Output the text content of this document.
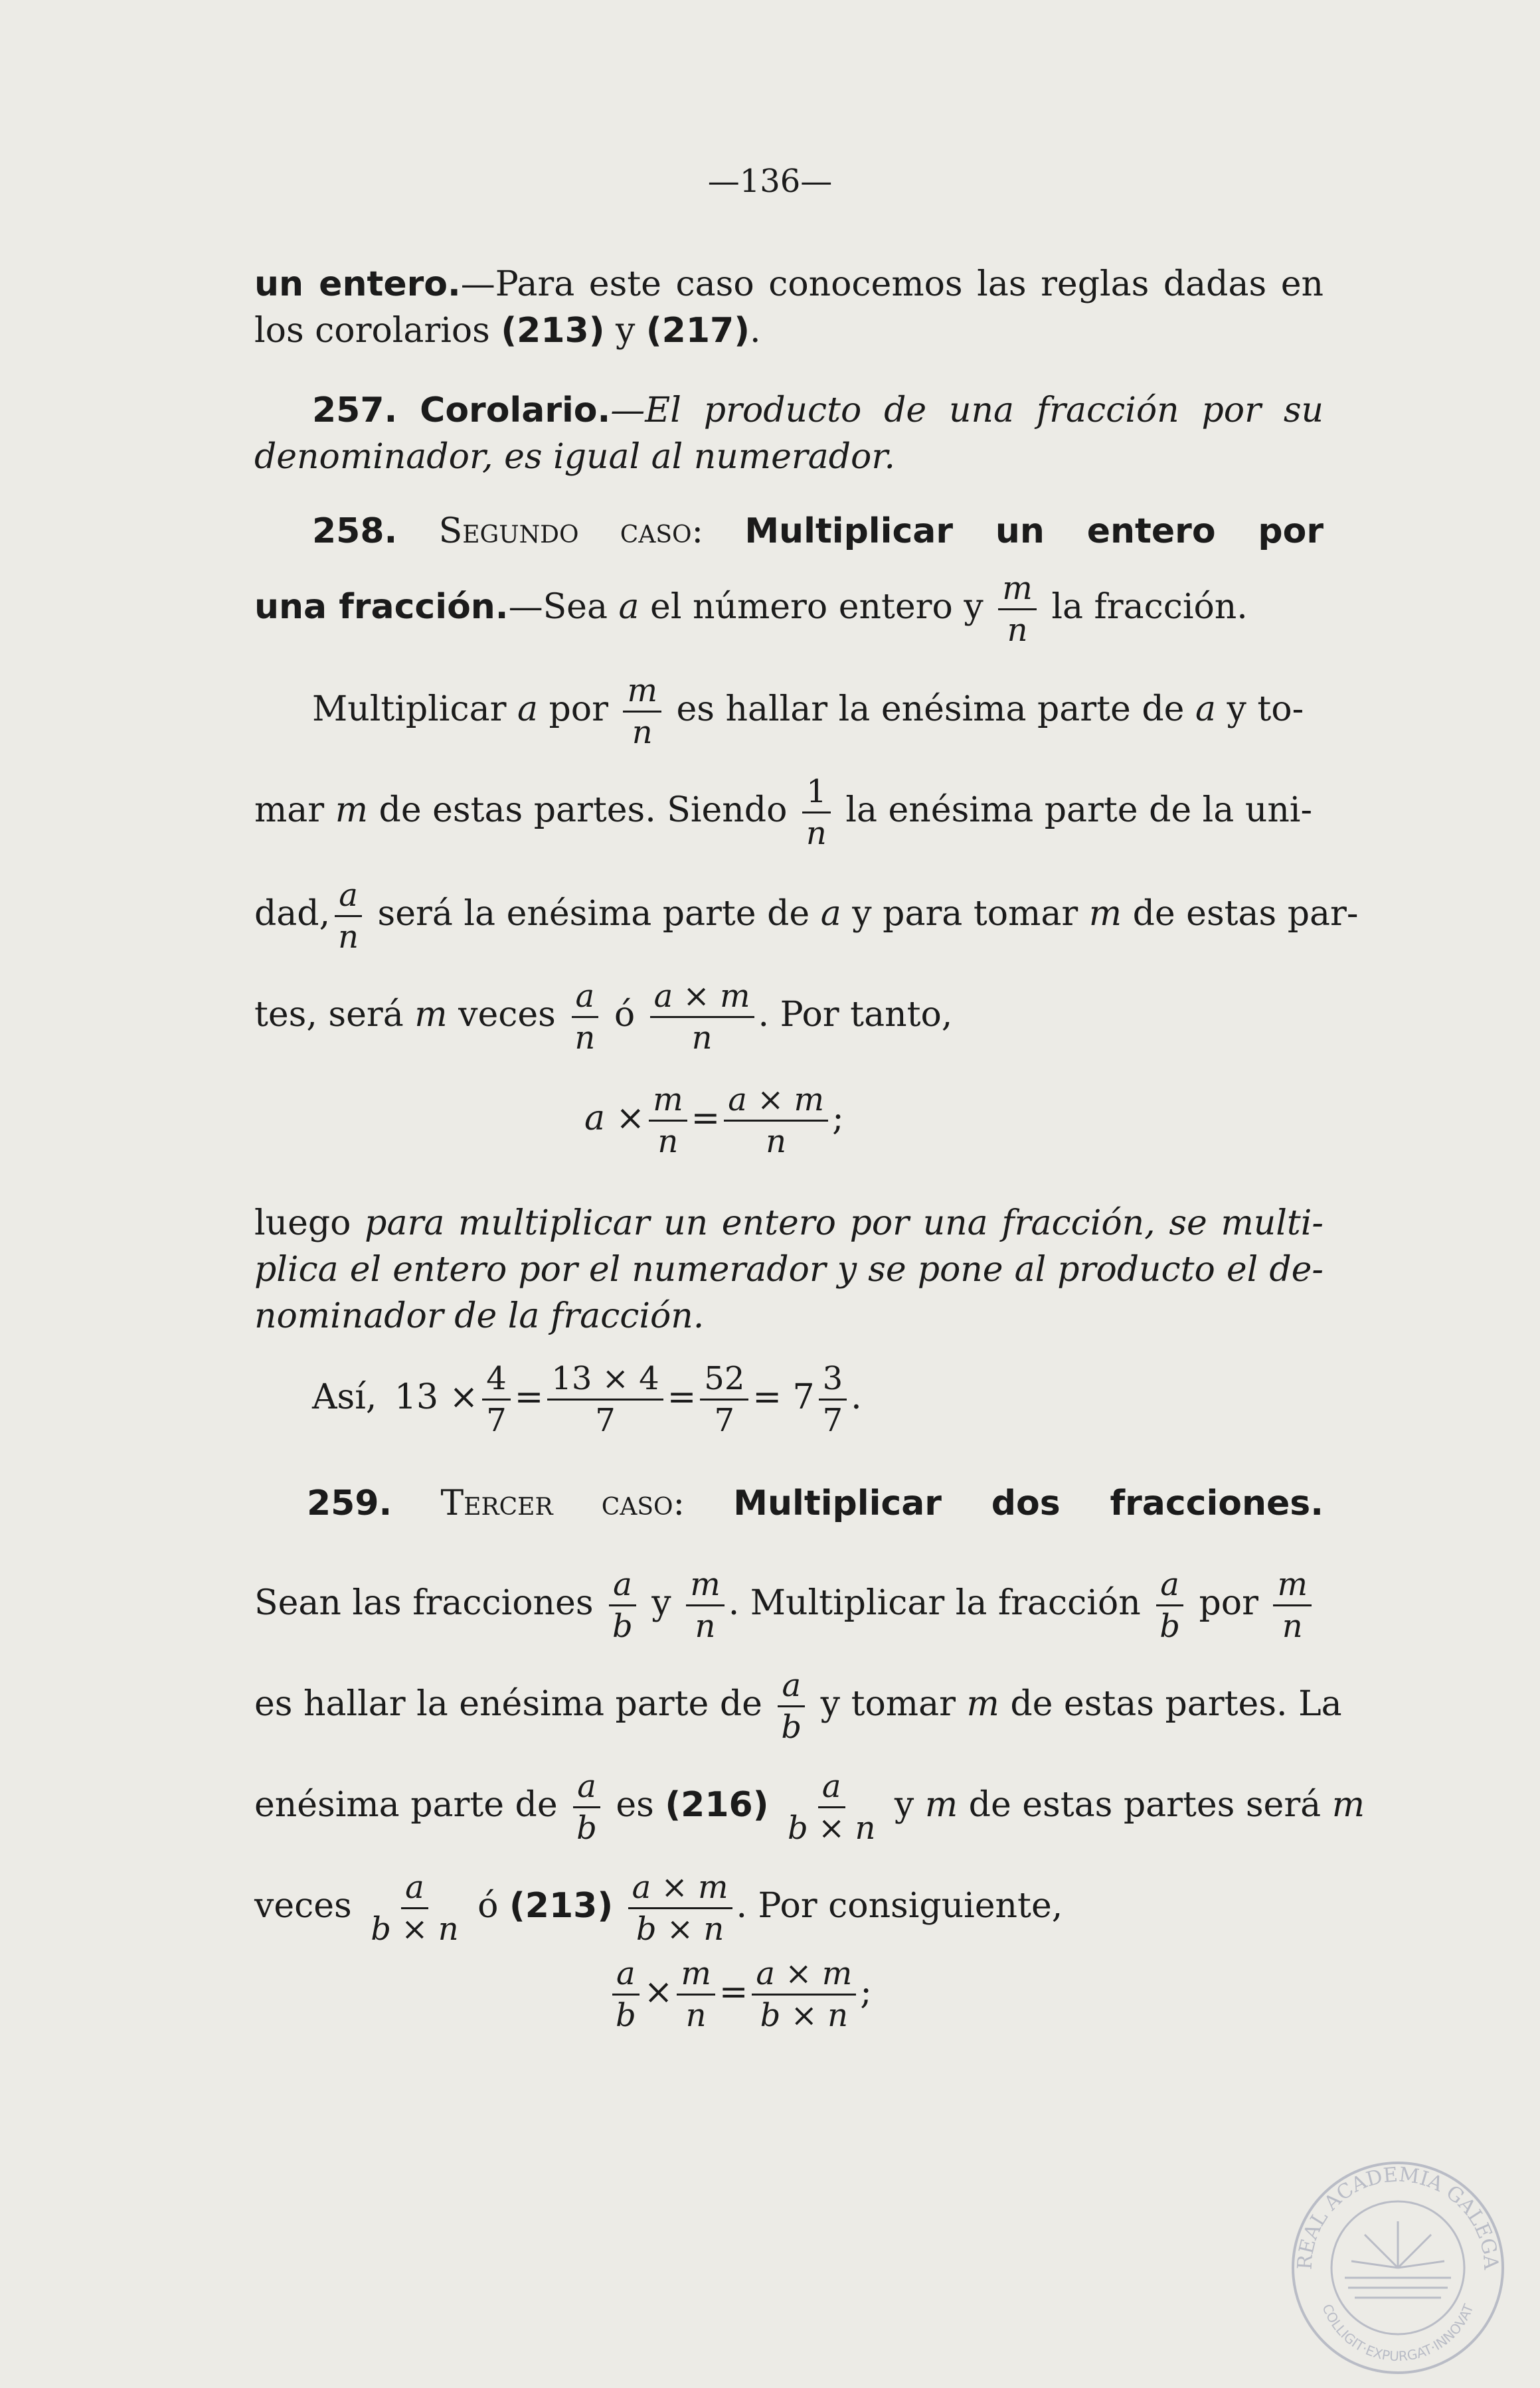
—136—
un entero.—Para este caso conocemos las reglas dadas en
los corolarios (213) y (217).
257. Corolario.—El producto de una fracción por su
denominador, es igual al numerador.
258. Segundo caso: Multiplicar un entero por
una fracción.—Sea a el número entero y $\frac{m}{n}$ la fracción.
Multiplicar a por $\frac{m}{n}$ es hallar la enésima parte de a y to-
mar m de estas partes. Siendo $\frac{1}{n}$ la enésima parte de la uni-
dad, $\frac{a}{n}$ será la enésima parte de a y para tomar m de estas par-
tes, será m veces $\frac{a}{n}$ ó $\frac{a \times m}{n}$ . Por tanto,
$a \times \frac{m}{n} = \frac{a \times m}{n}$ ;
luego para multiplicar un entero por una fracción, se multi-
plica el entero por el numerador y se pone al producto el de-
nominador de la fracción.
Así, $13 \times \frac{4}{7} = \frac{13 \times 4}{7} = \frac{52}{7} = 7 \frac{3}{7}$ .
259. Tercer caso: Multiplicar dos fracciones.
Sean las fracciones $\frac{a}{b}$ y $\frac{m}{n}$ . Multiplicar la fracción $\frac{a}{b}$ por $\frac{m}{n}$
es hallar la enésima parte de $\frac{a}{b}$ y tomar m de estas partes. La
enésima parte de $\frac{a}{b}$ es $(216) \frac{a}{b \times n}$ y m de estas partes será m
veces $\frac{a}{b \times n}$ ó $(213) \frac{a \times m}{b \times n}$ . Por consiguiente,
$\frac{a}{b} \times \frac{m}{n} = \frac{a \times m}{b \times n}$ ;
REAL ACADEMIA GALEGA
COLLIGIT·EXPURGAT·INNOVAT
